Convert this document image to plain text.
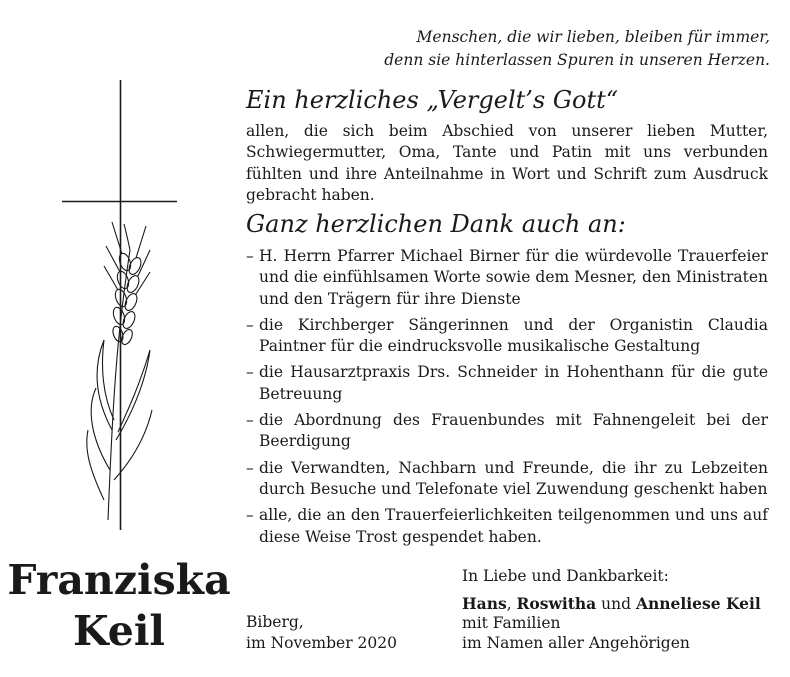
Menschen, die wir lieben, bleiben für immer,
denn sie hinterlassen Spuren in unseren Herzen.
Ein herzliches „Vergelt’s Gott“
allen, die sich beim Abschied von unserer lieben Mutter, Schwiegermutter, Oma, Tante und Patin mit uns verbunden fühlten und ihre Anteilnahme in Wort und Schrift zum Ausdruck gebracht haben.
Ganz herzlichen Dank auch an:
– H. Herrn Pfarrer Michael Birner für die würdevolle Trauerfeier und die einfühlsamen Worte sowie dem Mesner, den Ministraten und den Trägern für ihre Dienste
– die Kirchberger Sängerinnen und der Organistin Claudia Paintner für die eindrucksvolle musikalische Gestaltung
– die Hausarztpraxis Drs. Schneider in Hohenthann für die gute Betreuung
– die Abordnung des Frauenbundes mit Fahnengeleit bei der Beerdigung
– die Verwandten, Nachbarn und Freunde, die ihr zu Lebzeiten durch Besuche und Telefonate viel Zuwendung geschenkt haben
– alle, die an den Trauerfeierlichkeiten teilgenommen und uns auf diese Weise Trost gespendet haben.
Franziska
Keil	Biberg,
im November 2020
In Liebe und Dankbarkeit:
Hans, Roswitha und Anneliese Keil
mit Familien
im Namen aller Angehörigen
